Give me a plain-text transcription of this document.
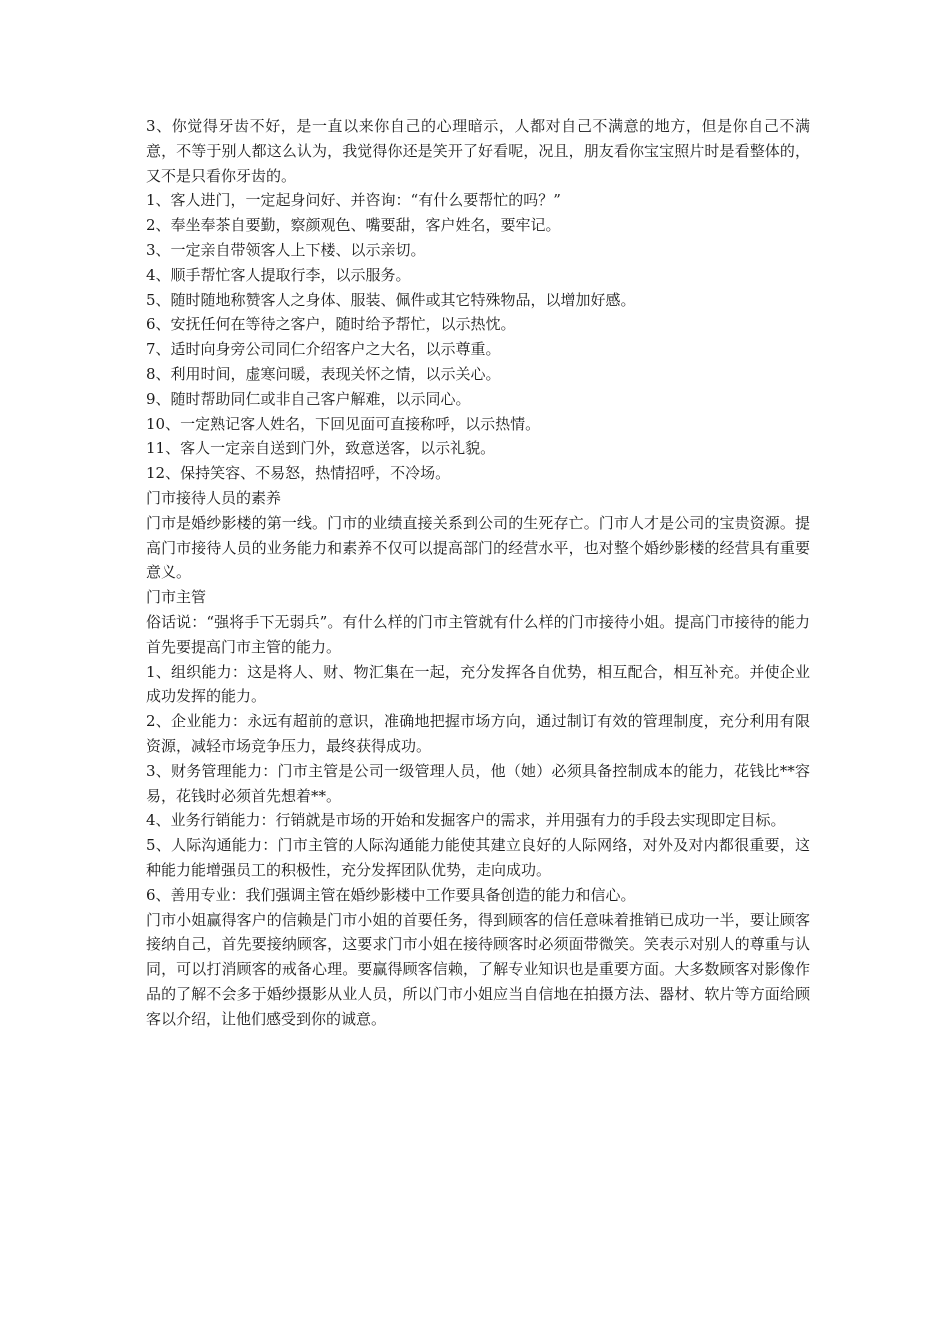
3、你觉得牙齿不好，是一直以来你自己的心理暗示，人都对自己不满意的地方，但是你自己不满意，不等于别人都这么认为，我觉得你还是笑开了好看呢，况且，朋友看你宝宝照片时是看整体的，又不是只看你牙齿的。

1、客人进门，一定起身问好、并咨询：“有什么要帮忙的吗？”

2、奉坐奉茶自要勤，察颜观色、嘴要甜，客户姓名，要牢记。

3、一定亲自带领客人上下楼、以示亲切。

4、顺手帮忙客人提取行李，以示服务。

5、随时随地称赞客人之身体、服装、佩件或其它特殊物品，以增加好感。

6、安抚任何在等待之客户，随时给予帮忙，以示热忱。

7、适时向身旁公司同仁介绍客户之大名，以示尊重。

8、利用时间，虚寒问暖，表现关怀之情，以示关心。

9、随时帮助同仁或非自己客户解难，以示同心。

10、一定熟记客人姓名，下回见面可直接称呼，以示热情。

11、客人一定亲自送到门外，致意送客，以示礼貌。

12、保持笑容、不易怒，热情招呼，不冷场。

门市接待人员的素养

门市是婚纱影楼的第一线。门市的业绩直接关系到公司的生死存亡。门市人才是公司的宝贵资源。提高门市接待人员的业务能力和素养不仅可以提高部门的经营水平，也对整个婚纱影楼的经营具有重要意义。

门市主管

俗话说：“强将手下无弱兵”。有什么样的门市主管就有什么样的门市接待小姐。提高门市接待的能力首先要提高门市主管的能力。

1、组织能力：这是将人、财、物汇集在一起，充分发挥各自优势，相互配合，相互补充。并使企业成功发挥的能力。

2、企业能力：永远有超前的意识，准确地把握市场方向，通过制订有效的管理制度，充分利用有限资源，减轻市场竞争压力，最终获得成功。

3、财务管理能力：门市主管是公司一级管理人员，他（她）必须具备控制成本的能力，花钱比**容易，花钱时必须首先想着**。

4、业务行销能力：行销就是市场的开始和发掘客户的需求，并用强有力的手段去实现即定目标。

5、人际沟通能力：门市主管的人际沟通能力能使其建立良好的人际网络，对外及对内都很重要，这种能力能增强员工的积极性，充分发挥团队优势，走向成功。

6、善用专业：我们强调主管在婚纱影楼中工作要具备创造的能力和信心。

门市小姐赢得客户的信赖是门市小姐的首要任务，得到顾客的信任意味着推销已成功一半，要让顾客接纳自己，首先要接纳顾客，这要求门市小姐在接待顾客时必须面带微笑。笑表示对别人的尊重与认同，可以打消顾客的戒备心理。要赢得顾客信赖，了解专业知识也是重要方面。大多数顾客对影像作品的了解不会多于婚纱摄影从业人员，所以门市小姐应当自信地在拍摄方法、器材、软片等方面给顾客以介绍，让他们感受到你的诚意。
